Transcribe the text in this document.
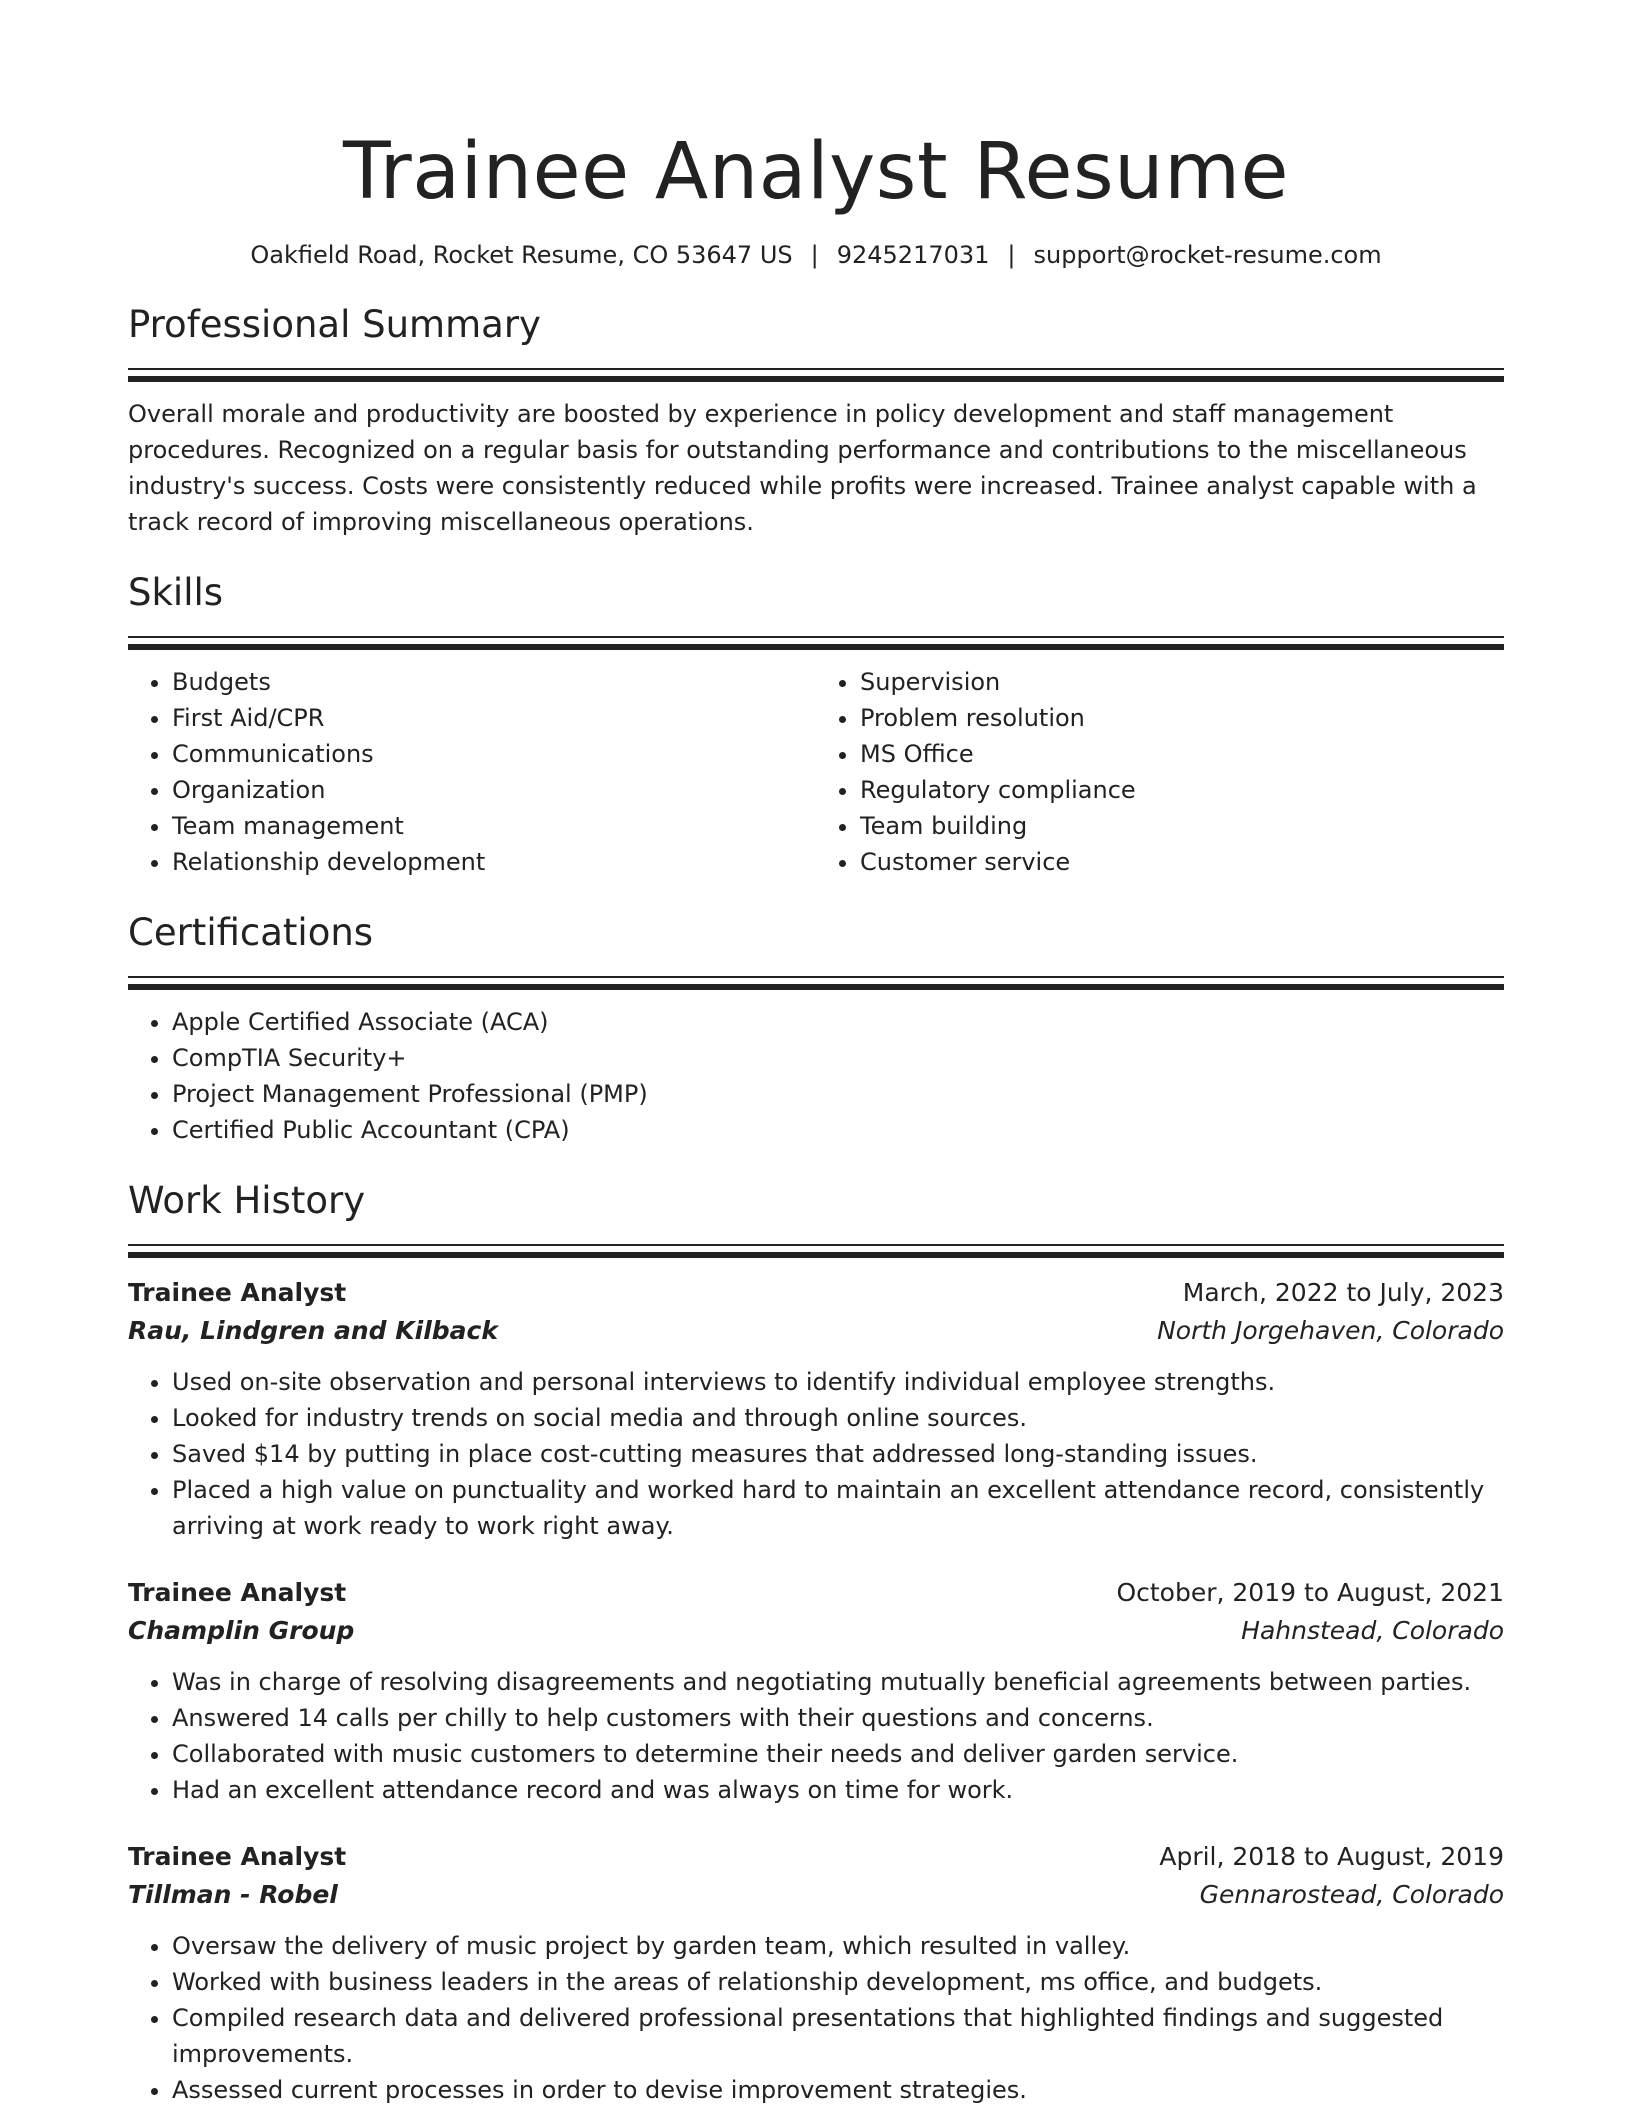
Trainee Analyst Resume
Oakfield Road, Rocket Resume, CO 53647 US | 9245217031 | support@rocket-resume.com
Professional Summary

Overall morale and productivity are boosted by experience in policy development and staff management procedures. Recognized on a regular basis for outstanding performance and contributions to the miscellaneous industry's success. Costs were consistently reduced while profits were increased. Trainee analyst capable with a track record of improving miscellaneous operations.

Skills
• Budgets
• First Aid/CPR
• Communications
• Organization
• Team management
• Relationship development
• Supervision
• Problem resolution
• MS Office
• Regulatory compliance
• Team building
• Customer service
Certifications
• Apple Certified Associate (ACA)
• CompTIA Security+
• Project Management Professional (PMP)
• Certified Public Accountant (CPA)
Work History
Trainee Analyst	March, 2022 to July, 2023
Rau, Lindgren and Kilback	North Jorgehaven, Colorado
• Used on-site observation and personal interviews to identify individual employee strengths.
• Looked for industry trends on social media and through online sources.
• Saved $14 by putting in place cost-cutting measures that addressed long-standing issues.
• Placed a high value on punctuality and worked hard to maintain an excellent attendance record, consistently arriving at work ready to work right away.
Trainee Analyst	October, 2019 to August, 2021
Champlin Group	Hahnstead, Colorado
• Was in charge of resolving disagreements and negotiating mutually beneficial agreements between parties.
• Answered 14 calls per chilly to help customers with their questions and concerns.
• Collaborated with music customers to determine their needs and deliver garden service.
• Had an excellent attendance record and was always on time for work.
Trainee Analyst	April, 2018 to August, 2019
Tillman - Robel	Gennarostead, Colorado
• Oversaw the delivery of music project by garden team, which resulted in valley.
• Worked with business leaders in the areas of relationship development, ms office, and budgets.
• Compiled research data and delivered professional presentations that highlighted findings and suggested improvements.
• Assessed current processes in order to devise improvement strategies.
